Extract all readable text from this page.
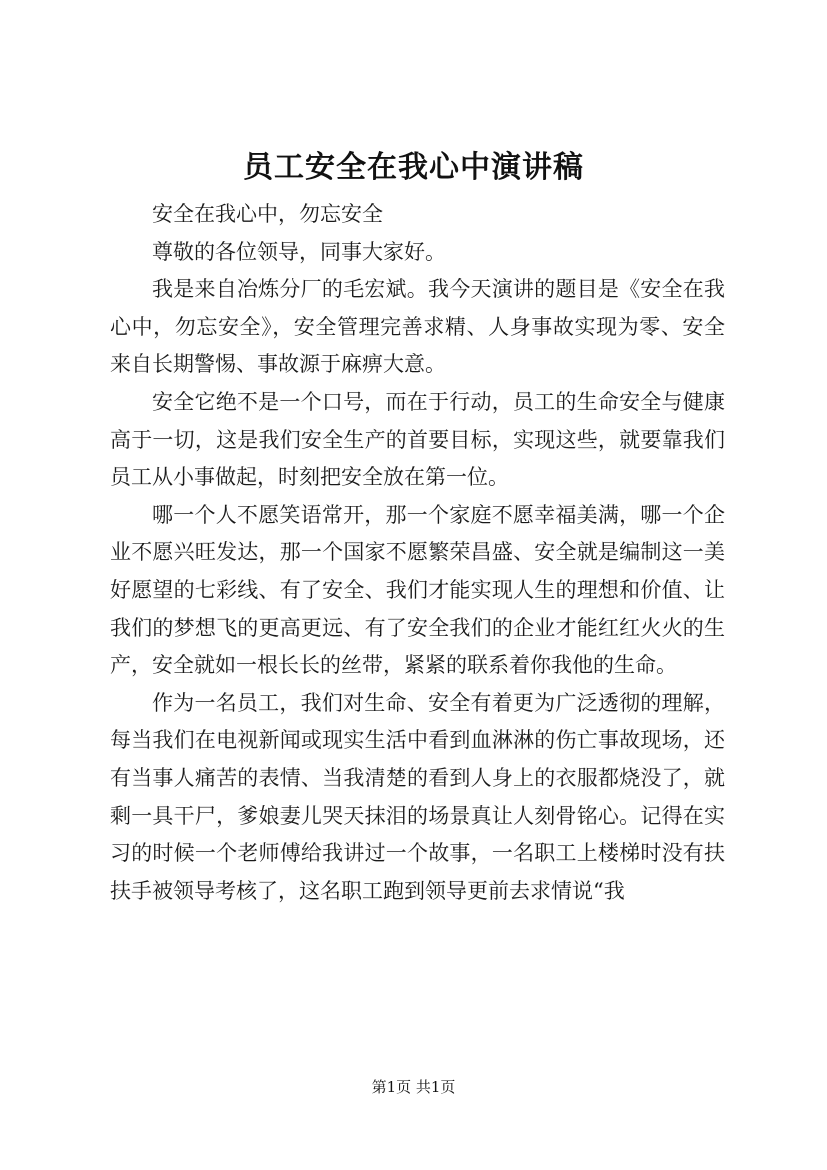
员工安全在我心中演讲稿

安全在我心中，勿忘安全

尊敬的各位领导，同事大家好。

我是来自冶炼分厂的毛宏斌。我今天演讲的题目是《安全在我心中，勿忘安全》，安全管理完善求精、人身事故实现为零、安全来自长期警惕、事故源于麻痹大意。

安全它绝不是一个口号，而在于行动，员工的生命安全与健康高于一切，这是我们安全生产的首要目标，实现这些，就要靠我们员工从小事做起，时刻把安全放在第一位。

哪一个人不愿笑语常开，那一个家庭不愿幸福美满，哪一个企业不愿兴旺发达，那一个国家不愿繁荣昌盛、安全就是编制这一美好愿望的七彩线、有了安全、我们才能实现人生的理想和价值、让我们的梦想飞的更高更远、有了安全我们的企业才能红红火火的生产，安全就如一根长长的丝带，紧紧的联系着你我他的生命。

作为一名员工，我们对生命、安全有着更为广泛透彻的理解，每当我们在电视新闻或现实生活中看到血淋淋的伤亡事故现场，还有当事人痛苦的表情、当我清楚的看到人身上的衣服都烧没了，就剩一具干尸，爹娘妻儿哭天抹泪的场景真让人刻骨铭心。记得在实习的时候一个老师傅给我讲过一个故事，一名职工上楼梯时没有扶扶手被领导考核了，这名职工跑到领导更前去求情说“我

第1页 共1页
